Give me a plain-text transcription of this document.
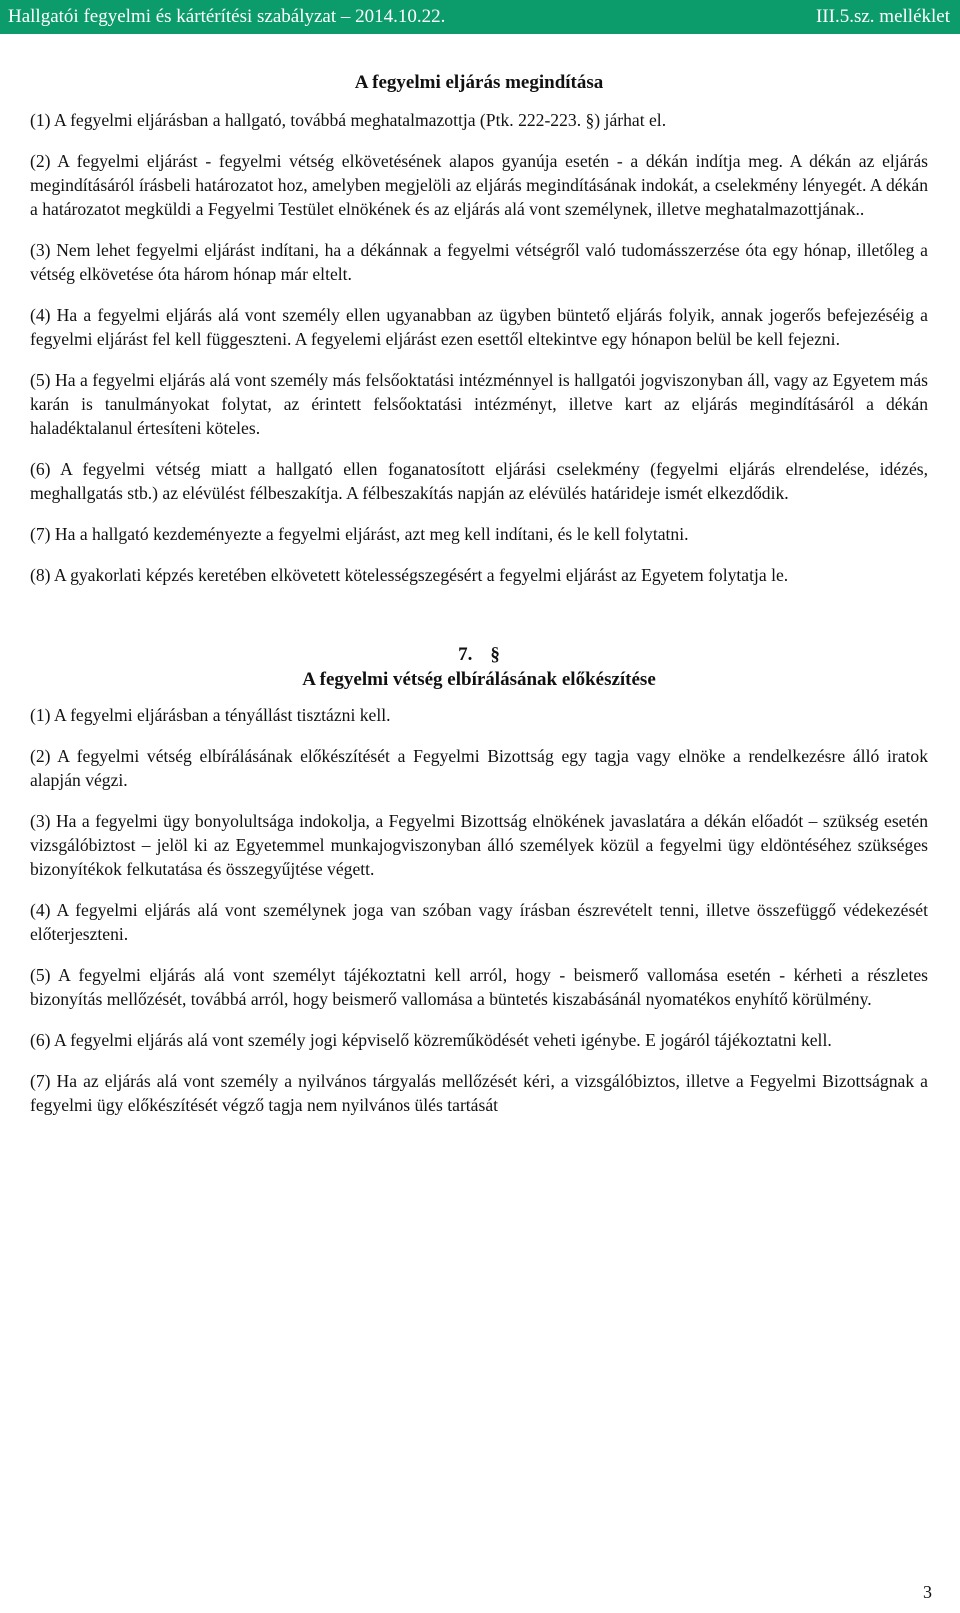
Hallgatói fegyelmi és kártérítési szabályzat – 2014.10.22.	III.5.sz. melléklet
A fegyelmi eljárás megindítása

(1) A fegyelmi eljárásban a hallgató, továbbá meghatalmazottja (Ptk. 222-223. §) járhat el.

(2) A fegyelmi eljárást - fegyelmi vétség elkövetésének alapos gyanúja esetén - a dékán indítja meg. A dékán az eljárás megindításáról írásbeli határozatot hoz, amelyben megjelöli az eljárás megindításának indokát, a cselekmény lényegét. A dékán a határozatot megküldi a Fegyelmi Testület elnökének és az eljárás alá vont személynek, illetve meghatalmazottjának..

(3) Nem lehet fegyelmi eljárást indítani, ha a dékánnak a fegyelmi vétségről való tudomásszerzése óta egy hónap, illetőleg a vétség elkövetése óta három hónap már eltelt.

(4) Ha a fegyelmi eljárás alá vont személy ellen ugyanabban az ügyben büntető eljárás folyik, annak jogerős befejezéséig a fegyelmi eljárást fel kell függeszteni. A fegyelemi eljárást ezen esettől eltekintve egy hónapon belül be kell fejezni.

(5) Ha a fegyelmi eljárás alá vont személy más felsőoktatási intézménnyel is hallgatói jogviszonyban áll, vagy az Egyetem más karán is tanulmányokat folytat, az érintett felsőoktatási intézményt, illetve kart az eljárás megindításáról a dékán haladéktalanul értesíteni köteles.

(6) A fegyelmi vétség miatt a hallgató ellen foganatosított eljárási cselekmény (fegyelmi eljárás elrendelése, idézés, meghallgatás stb.) az elévülést félbeszakítja. A félbeszakítás napján az elévülés határideje ismét elkezdődik.

(7) Ha a hallgató kezdeményezte a fegyelmi eljárást, azt meg kell indítani, és le kell folytatni.

(8) A gyakorlati képzés keretében elkövetett kötelességszegésért a fegyelmi eljárást az Egyetem folytatja le.

7. §
A fegyelmi vétség elbírálásának előkészítése

(1) A fegyelmi eljárásban a tényállást tisztázni kell.

(2) A fegyelmi vétség elbírálásának előkészítését a Fegyelmi Bizottság egy tagja vagy elnöke a rendelkezésre álló iratok alapján végzi.

(3) Ha a fegyelmi ügy bonyolultsága indokolja, a Fegyelmi Bizottság elnökének javaslatára a dékán előadót – szükség esetén vizsgálóbiztost – jelöl ki az Egyetemmel munkajogviszonyban álló személyek közül a fegyelmi ügy eldöntéséhez szükséges bizonyítékok felkutatása és összegyűjtése végett.

(4) A fegyelmi eljárás alá vont személynek joga van szóban vagy írásban észrevételt tenni, illetve összefüggő védekezését előterjeszteni.

(5) A fegyelmi eljárás alá vont személyt tájékoztatni kell arról, hogy - beismerő vallomása esetén - kérheti a részletes bizonyítás mellőzését, továbbá arról, hogy beismerő vallomása a büntetés kiszabásánál nyomatékos enyhítő körülmény.

(6) A fegyelmi eljárás alá vont személy jogi képviselő közreműködését veheti igénybe. E jogáról tájékoztatni kell.

(7) Ha az eljárás alá vont személy a nyilvános tárgyalás mellőzését kéri, a vizsgálóbiztos, illetve a Fegyelmi Bizottságnak a fegyelmi ügy előkészítését végző tagja nem nyilvános ülés tartását

3
